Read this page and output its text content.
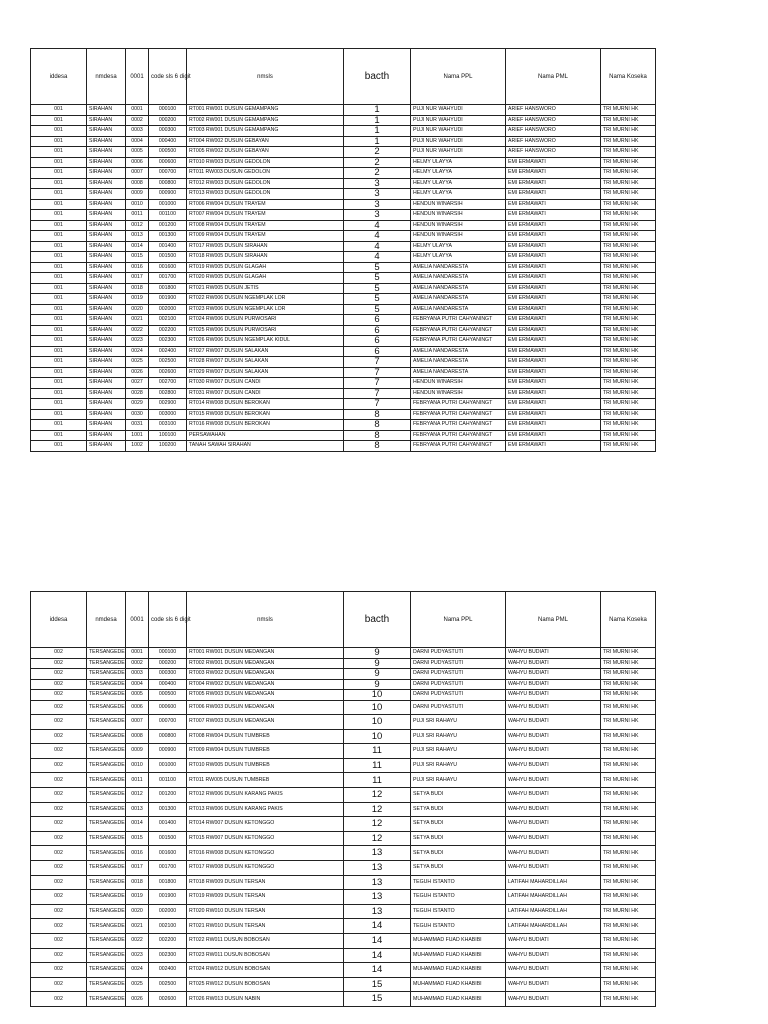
iddesa	nmdesa	0001	code sls 6 digit	nmsls	bacth	Nama PPL	Nama PML	Nama Koseka
001	SIRAHAN	0001	000100	RT001 RW001 DUSUN GEMAMPANG	1	PUJI NUR WAHYUDI	ARIEF HANSWORO	TRI MURNI HK
001	SIRAHAN	0002	000200	RT002 RW001 DUSUN GEMAMPANG	1	PUJI NUR WAHYUDI	ARIEF HANSWORO	TRI MURNI HK
001	SIRAHAN	0003	000300	RT003 RW001 DUSUN GEMAMPANG	1	PUJI NUR WAHYUDI	ARIEF HANSWORO	TRI MURNI HK
001	SIRAHAN	0004	000400	RT004 RW002 DUSUN GEBAYAN	1	PUJI NUR WAHYUDI	ARIEF HANSWORO	TRI MURNI HK
001	SIRAHAN	0005	000500	RT005 RW002 DUSUN GEBAYAN	2	PUJI NUR WAHYUDI	ARIEF HANSWORO	TRI MURNI HK
001	SIRAHAN	0006	000600	RT010 RW003 DUSUN GEDOLON	2	HELMY ULAYYA	EMI ERMAWATI	TRI MURNI HK
001	SIRAHAN	0007	000700	RT011 RW003 DUSUN GEDOLON	2	HELMY ULAYYA	EMI ERMAWATI	TRI MURNI HK
001	SIRAHAN	0008	000800	RT012 RW003 DUSUN GEDOLON	3	HELMY ULAYYA	EMI ERMAWATI	TRI MURNI HK
001	SIRAHAN	0009	000900	RT013 RW003 DUSUN GEDOLON	3	HELMY ULAYYA	EMI ERMAWATI	TRI MURNI HK
001	SIRAHAN	0010	001000	RT006 RW004 DUSUN TRAYEM	3	HENDUN WINARSIH	EMI ERMAWATI	TRI MURNI HK
001	SIRAHAN	0011	001100	RT007 RW004 DUSUN TRAYEM	3	HENDUN WINARSIH	EMI ERMAWATI	TRI MURNI HK
001	SIRAHAN	0012	001200	RT008 RW004 DUSUN TRAYEM	4	HENDUN WINARSIH	EMI ERMAWATI	TRI MURNI HK
001	SIRAHAN	0013	001300	RT009 RW004 DUSUN TRAYEM	4	HENDUN WINARSIH	EMI ERMAWATI	TRI MURNI HK
001	SIRAHAN	0014	001400	RT017 RW005 DUSUN SIRAHAN	4	HELMY ULAYYA	EMI ERMAWATI	TRI MURNI HK
001	SIRAHAN	0015	001500	RT018 RW005 DUSUN SIRAHAN	4	HELMY ULAYYA	EMI ERMAWATI	TRI MURNI HK
001	SIRAHAN	0016	001600	RT019 RW005 DUSUN GLAGAH	5	AMELIA NANDARESTA	EMI ERMAWATI	TRI MURNI HK
001	SIRAHAN	0017	001700	RT020 RW005 DUSUN GLAGAH	5	AMELIA NANDARESTA	EMI ERMAWATI	TRI MURNI HK
001	SIRAHAN	0018	001800	RT021 RW005 DUSUN JETIS	5	AMELIA NANDARESTA	EMI ERMAWATI	TRI MURNI HK
001	SIRAHAN	0019	001900	RT022 RW006 DUSUN NGEMPLAK LOR	5	AMELIA NANDARESTA	EMI ERMAWATI	TRI MURNI HK
001	SIRAHAN	0020	002000	RT023 RW006 DUSUN NGEMPLAK LOR	5	AMELIA NANDARESTA	EMI ERMAWATI	TRI MURNI HK
001	SIRAHAN	0021	002100	RT024 RW006 DUSUN PURWOSARI	6	FEBRYANA PUTRI CAHYANINGT	EMI ERMAWATI	TRI MURNI HK
001	SIRAHAN	0022	002200	RT025 RW006 DUSUN PURWOSARI	6	FEBRYANA PUTRI CAHYANINGT	EMI ERMAWATI	TRI MURNI HK
001	SIRAHAN	0023	002300	RT026 RW006 DUSUN NGEMPLAK KIDUL	6	FEBRYANA PUTRI CAHYANINGT	EMI ERMAWATI	TRI MURNI HK
001	SIRAHAN	0024	002400	RT027 RW007 DUSUN SALAKAN	6	AMELIA NANDARESTA	EMI ERMAWATI	TRI MURNI HK
001	SIRAHAN	0025	002500	RT028 RW007 DUSUN SALAKAN	7	AMELIA NANDARESTA	EMI ERMAWATI	TRI MURNI HK
001	SIRAHAN	0026	002600	RT029 RW007 DUSUN SALAKAN	7	AMELIA NANDARESTA	EMI ERMAWATI	TRI MURNI HK
001	SIRAHAN	0027	002700	RT030 RW007 DUSUN CANDI	7	HENDUN WINARSIH	EMI ERMAWATI	TRI MURNI HK
001	SIRAHAN	0028	002800	RT031 RW007 DUSUN CANDI	7	HENDUN WINARSIH	EMI ERMAWATI	TRI MURNI HK
001	SIRAHAN	0029	002900	RT014 RW008 DUSUN BEROKAN	7	FEBRYANA PUTRI CAHYANINGT	EMI ERMAWATI	TRI MURNI HK
001	SIRAHAN	0030	003000	RT015 RW008 DUSUN BEROKAN	8	FEBRYANA PUTRI CAHYANINGT	EMI ERMAWATI	TRI MURNI HK
001	SIRAHAN	0031	003100	RT016 RW008 DUSUN BEROKAN	8	FEBRYANA PUTRI CAHYANINGT	EMI ERMAWATI	TRI MURNI HK
001	SIRAHAN	1001	100100	PERSAWAHAN	8	FEBRYANA PUTRI CAHYANINGT	EMI ERMAWATI	TRI MURNI HK
001	SIRAHAN	1002	100200	TANAH SAWAH SIRAHAN	8	FEBRYANA PUTRI CAHYANINGT	EMI ERMAWATI	TRI MURNI HK
iddesa	nmdesa	0001	code sls 6 digit	nmsls	bacth	Nama PPL	Nama PML	Nama Koseka
002	TERSANGEDE	0001	000100	RT001 RW001 DUSUN MEDANGAN	9	DARNI PUDYASTUTI	WAHYU BUDIATI	TRI MURNI HK
002	TERSANGEDE	0002	000200	RT002 RW001 DUSUN MEDANGAN	9	DARNI PUDYASTUTI	WAHYU BUDIATI	TRI MURNI HK
002	TERSANGEDE	0003	000300	RT003 RW002 DUSUN MEDANGAN	9	DARNI PUDYASTUTI	WAHYU BUDIATI	TRI MURNI HK
002	TERSANGEDE	0004	000400	RT004 RW002 DUSUN MEDANGAN	9	DARNI PUDYASTUTI	WAHYU BUDIATI	TRI MURNI HK
002	TERSANGEDE	0005	000500	RT005 RW003 DUSUN MEDANGAN	10	DARNI PUDYASTUTI	WAHYU BUDIATI	TRI MURNI HK
002	TERSANGEDE	0006	000600	RT006 RW003 DUSUN MEDANGAN	10	DARNI PUDYASTUTI	WAHYU BUDIATI	TRI MURNI HK
002	TERSANGEDE	0007	000700	RT007 RW003 DUSUN MEDANGAN	10	PUJI SRI RAHAYU	WAHYU BUDIATI	TRI MURNI HK
002	TERSANGEDE	0008	000800	RT008 RW004 DUSUN TUMBREB	10	PUJI SRI RAHAYU	WAHYU BUDIATI	TRI MURNI HK
002	TERSANGEDE	0009	000900	RT009 RW004 DUSUN TUMBREB	11	PUJI SRI RAHAYU	WAHYU BUDIATI	TRI MURNI HK
002	TERSANGEDE	0010	001000	RT010 RW005 DUSUN TUMBREB	11	PUJI SRI RAHAYU	WAHYU BUDIATI	TRI MURNI HK
002	TERSANGEDE	0011	001100	RT011 RW005 DUSUN TUMBREB	11	PUJI SRI RAHAYU	WAHYU BUDIATI	TRI MURNI HK
002	TERSANGEDE	0012	001200	RT012 RW006 DUSUN KARANG PAKIS	12	SETYA BUDI	WAHYU BUDIATI	TRI MURNI HK
002	TERSANGEDE	0013	001300	RT013 RW006 DUSUN KARANG PAKIS	12	SETYA BUDI	WAHYU BUDIATI	TRI MURNI HK
002	TERSANGEDE	0014	001400	RT014 RW007 DUSUN KETONGGO	12	SETYA BUDI	WAHYU BUDIATI	TRI MURNI HK
002	TERSANGEDE	0015	001500	RT015 RW007 DUSUN KETONGGO	12	SETYA BUDI	WAHYU BUDIATI	TRI MURNI HK
002	TERSANGEDE	0016	001600	RT016 RW008 DUSUN KETONGGO	13	SETYA BUDI	WAHYU BUDIATI	TRI MURNI HK
002	TERSANGEDE	0017	001700	RT017 RW008 DUSUN KETONGGO	13	SETYA BUDI	WAHYU BUDIATI	TRI MURNI HK
002	TERSANGEDE	0018	001800	RT018 RW009 DUSUN TERSAN	13	TEGUH ISTANTO	LATIFAH MAHARDILLAH	TRI MURNI HK
002	TERSANGEDE	0019	001900	RT019 RW009 DUSUN TERSAN	13	TEGUH ISTANTO	LATIFAH MAHARDILLAH	TRI MURNI HK
002	TERSANGEDE	0020	002000	RT020 RW010 DUSUN TERSAN	13	TEGUH ISTANTO	LATIFAH MAHARDILLAH	TRI MURNI HK
002	TERSANGEDE	0021	002100	RT021 RW010 DUSUN TERSAN	14	TEGUH ISTANTO	LATIFAH MAHARDILLAH	TRI MURNI HK
002	TERSANGEDE	0022	002200	RT022 RW011 DUSUN BOBOSAN	14	MUHAMMAD FUAD KHABIBI	WAHYU BUDIATI	TRI MURNI HK
002	TERSANGEDE	0023	002300	RT023 RW011 DUSUN BOBOSAN	14	MUHAMMAD FUAD KHABIBI	WAHYU BUDIATI	TRI MURNI HK
002	TERSANGEDE	0024	002400	RT024 RW012 DUSUN BOBOSAN	14	MUHAMMAD FUAD KHABIBI	WAHYU BUDIATI	TRI MURNI HK
002	TERSANGEDE	0025	002500	RT025 RW012 DUSUN BOBOSAN	15	MUHAMMAD FUAD KHABIBI	WAHYU BUDIATI	TRI MURNI HK
002	TERSANGEDE	0026	002600	RT026 RW013 DUSUN NABIN	15	MUHAMMAD FUAD KHABIBI	WAHYU BUDIATI	TRI MURNI HK
